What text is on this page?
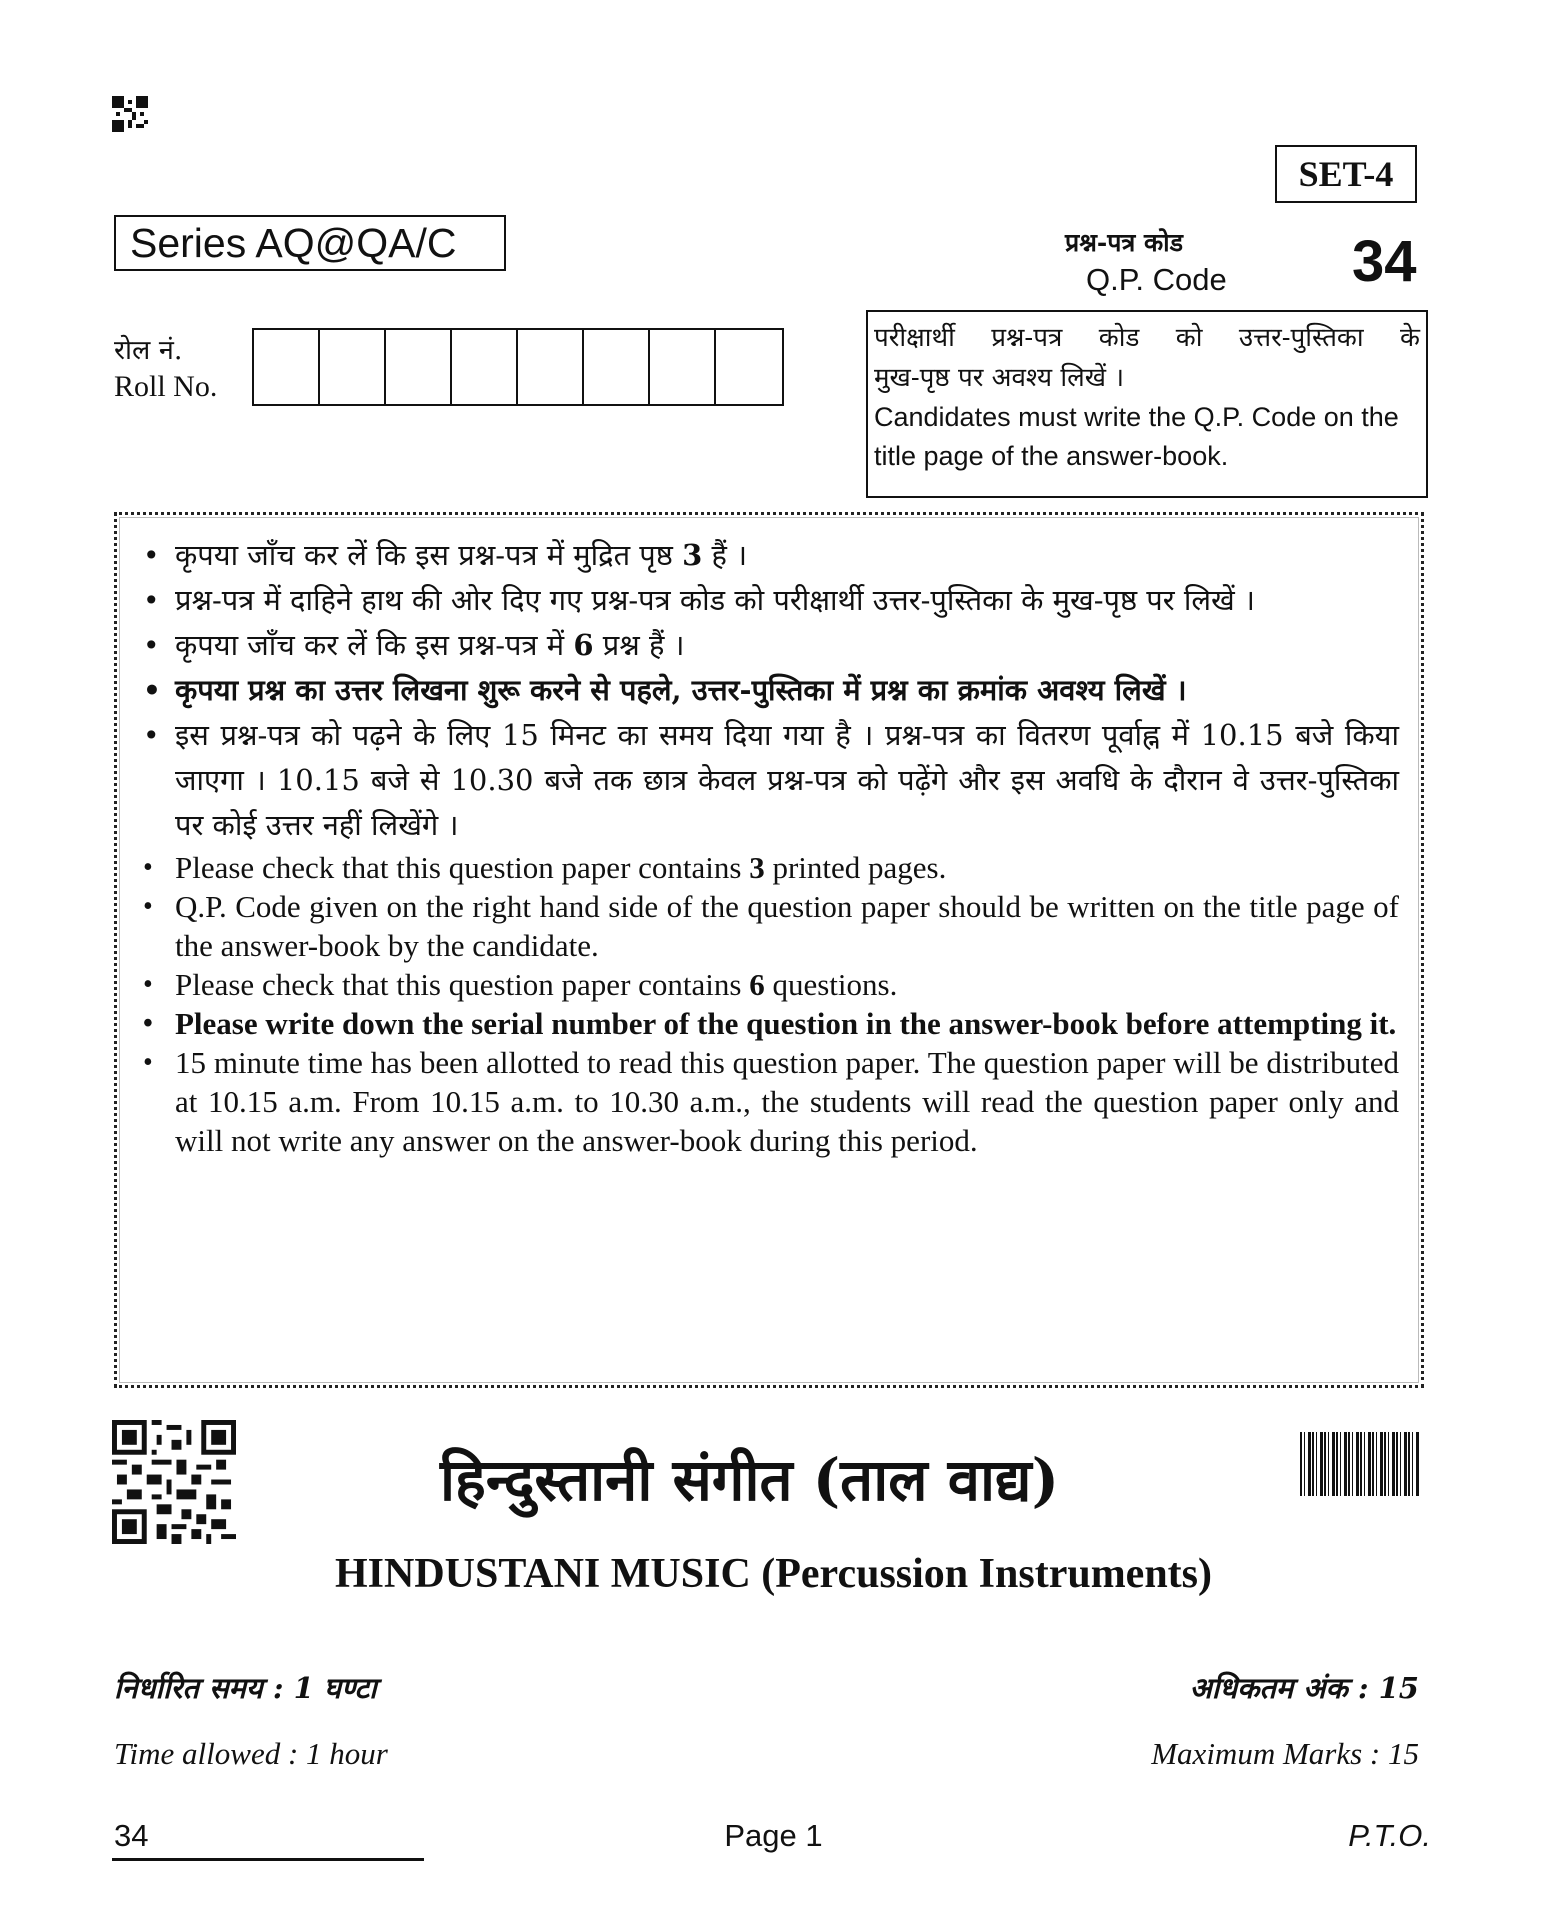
SET-4
Series AQ@QA/C	प्रश्न-पत्र कोड
Q.P. Code 34
रोल नं.
Roll No.
परीक्षार्थी प्रश्न-पत्र कोड को उत्तर-पुस्तिका के
मुख-पृष्ठ पर अवश्य लिखें ।
Candidates must write the Q.P. Code on the title page of the answer-book.
• कृपया जाँच कर लें कि इस प्रश्न-पत्र में मुद्रित पृष्ठ 3 हैं ।
• प्रश्न-पत्र में दाहिने हाथ की ओर दिए गए प्रश्न-पत्र कोड को परीक्षार्थी उत्तर-पुस्तिका के मुख-पृष्ठ पर लिखें ।
• कृपया जाँच कर लें कि इस प्रश्न-पत्र में 6 प्रश्न हैं ।
• कृपया प्रश्न का उत्तर लिखना शुरू करने से पहले, उत्तर-पुस्तिका में प्रश्न का क्रमांक अवश्य लिखें ।
• इस प्रश्न-पत्र को पढ़ने के लिए 15 मिनट का समय दिया गया है । प्रश्न-पत्र का वितरण पूर्वाह्न में 10.15 बजे किया जाएगा । 10.15 बजे से 10.30 बजे तक छात्र केवल प्रश्न-पत्र को पढ़ेंगे और इस अवधि के दौरान वे उत्तर-पुस्तिका पर कोई उत्तर नहीं लिखेंगे ।
• Please check that this question paper contains 3 printed pages.
• Q.P. Code given on the right hand side of the question paper should be written on the title page of the answer-book by the candidate.
• Please check that this question paper contains 6 questions.
• Please write down the serial number of the question in the answer-book before attempting it.
• 15 minute time has been allotted to read this question paper. The question paper will be distributed at 10.15 a.m. From 10.15 a.m. to 10.30 a.m., the students will read the question paper only and will not write any answer on the answer-book during this period.
हिन्दुस्तानी संगीत (ताल वाद्य)
HINDUSTANI MUSIC (Percussion Instruments)
निर्धारित समय : 1 घण्टा	अधिकतम अंक : 15
Time allowed : 1 hour	Maximum Marks : 15
34	Page 1	P.T.O.
